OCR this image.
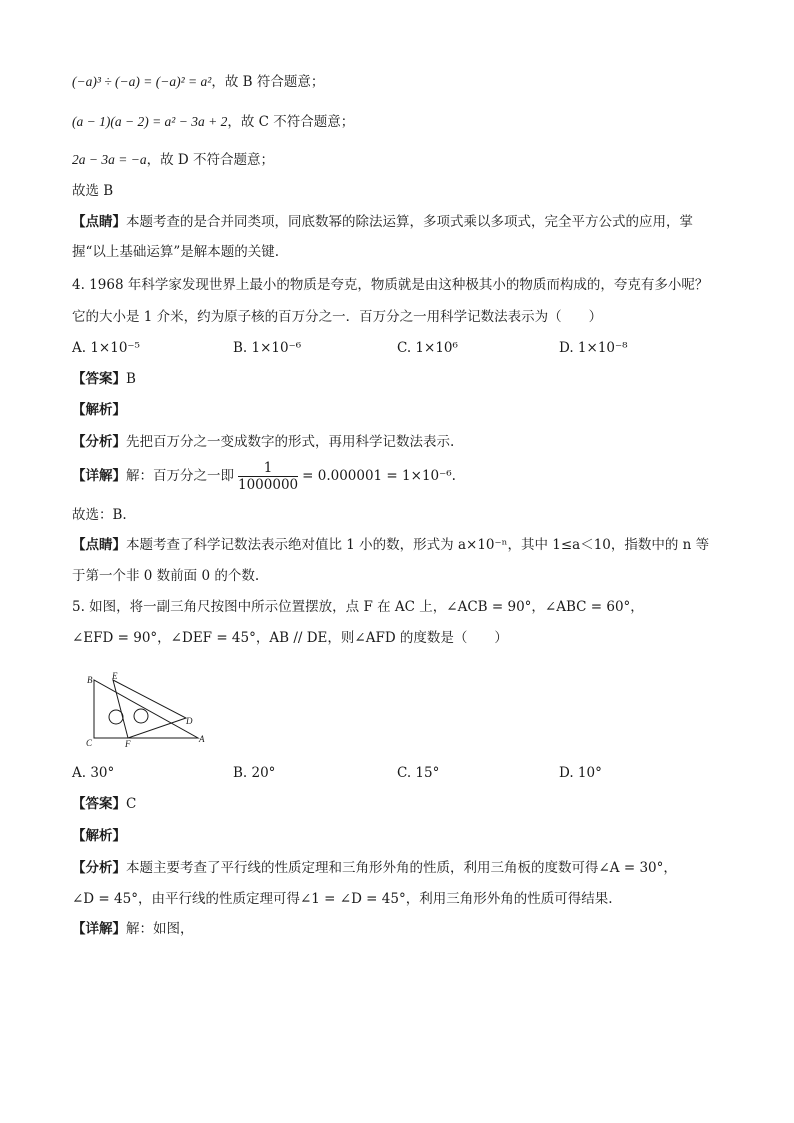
(−a)³ ÷ (−a) = (−a)² = a²，故 B 符合题意；
(a − 1)(a − 2) = a² − 3a + 2，故 C 不符合题意；
2a − 3a = −a，故 D 不符合题意；
故选 B
【点睛】本题考查的是合并同类项，同底数幂的除法运算，多项式乘以多项式，完全平方公式的应用，掌
握“以上基础运算”是解本题的关键.
4. 1968 年科学家发现世界上最小的物质是夸克，物质就是由这种极其小的物质而构成的，夸克有多小呢？
它的大小是 1 介米，约为原子核的百万分之一．百万分之一用科学记数法表示为（　　）
A. 1×10⁻⁵	B. 1×10⁻⁶	C. 1×10⁶	D. 1×10⁻⁸
【答案】B
【解析】
【分析】先把百万分之一变成数字的形式，再用科学记数法表示.
【详解】解：百万分之一即 $\frac{1}{1000000} = 0.000001 = 1\times 10^{-6}$.
故选：B.
【点睛】本题考查了科学记数法表示绝对值比 1 小的数，形式为 a×10⁻ⁿ，其中 1≤a＜10，指数中的 n 等
于第一个非 0 数前面 0 的个数.
5. 如图，将一副三角尺按图中所示位置摆放，点 F 在 AC 上，∠ACB = 90°，∠ABC = 60°，
∠EFD = 90°，∠DEF = 45°，AB // DE，则∠AFD 的度数是（　　）
B E
D
C	F	A
A. 30°	B. 20°	C. 15°	D. 10°
【答案】C
【解析】
【分析】本题主要考查了平行线的性质定理和三角形外角的性质，利用三角板的度数可得∠A = 30°，
∠D = 45°，由平行线的性质定理可得∠1 = ∠D = 45°，利用三角形外角的性质可得结果.
【详解】解：如图，
